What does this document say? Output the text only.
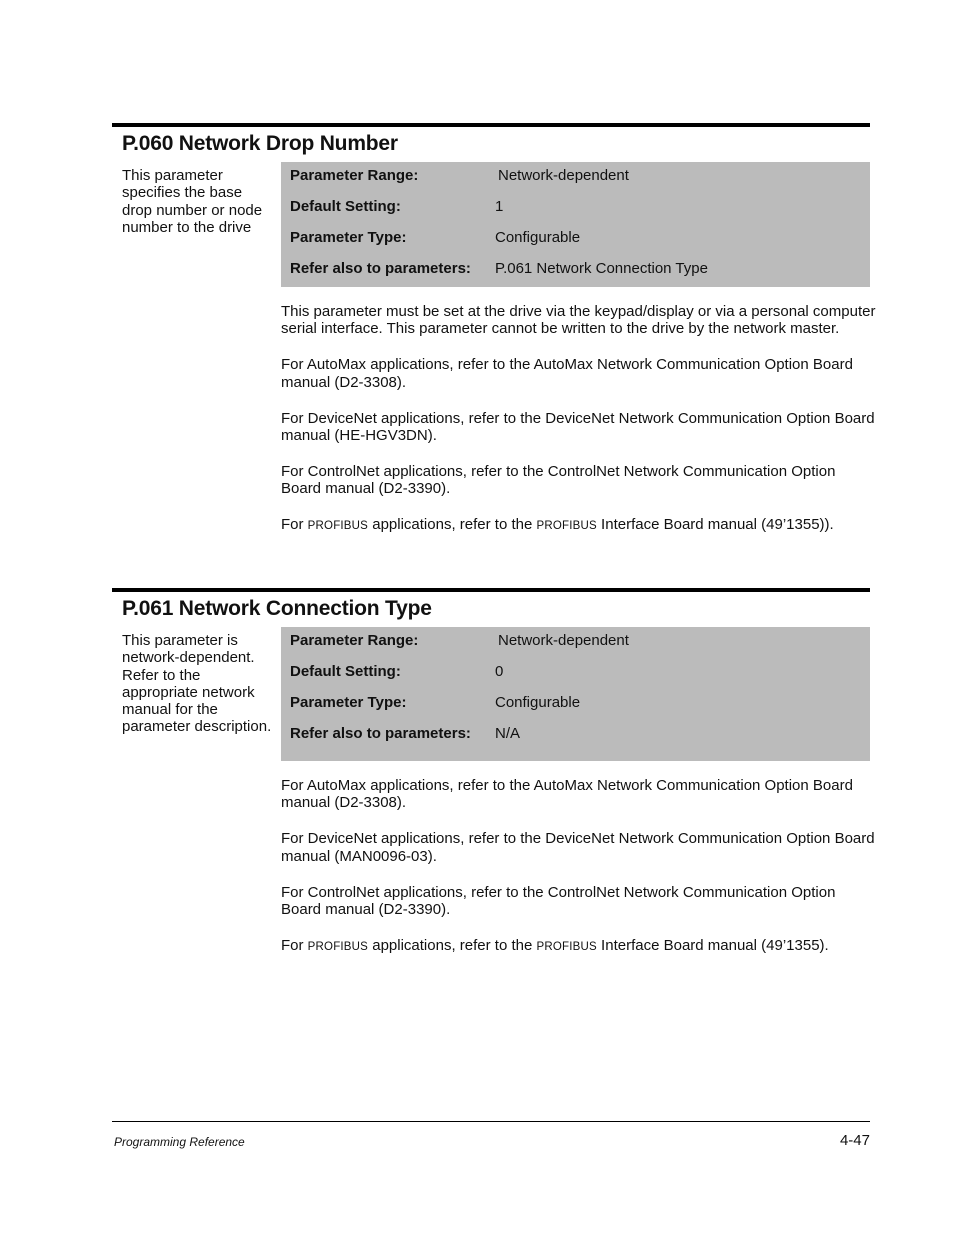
P.060 Network Drop Number
This parameter specifies the base drop number or node number to the drive
Parameter Range:	Network-dependent
Default Setting:	1
Parameter Type:	Configurable
Refer also to parameters: P.061 Network Connection Type

This parameter must be set at the drive via the keypad/display or via a personal computer serial interface. This parameter cannot be written to the drive by the network master.

For AutoMax applications, refer to the AutoMax Network Communication Option Board manual (D2-3308).

For DeviceNet applications, refer to the DeviceNet Network Communication Option Board manual (HE-HGV3DN).

For ControlNet applications, refer to the ControlNet Network Communication Option Board manual (D2-3390).

For PROFIBUS applications, refer to the PROFIBUS Interface Board manual (49’1355)).

P.061 Network Connection Type
This parameter is network-dependent. Refer to the appropriate network manual for the parameter description.
Parameter Range:	Network-dependent
Default Setting:	0
Parameter Type:	Configurable
Refer also to parameters: N/A

For AutoMax applications, refer to the AutoMax Network Communication Option Board manual (D2-3308).

For DeviceNet applications, refer to the DeviceNet Network Communication Option Board manual (MAN0096-03).

For ControlNet applications, refer to the ControlNet Network Communication Option Board manual (D2-3390).

For PROFIBUS applications, refer to the PROFIBUS Interface Board manual (49’1355).

Programming Reference	4-47
